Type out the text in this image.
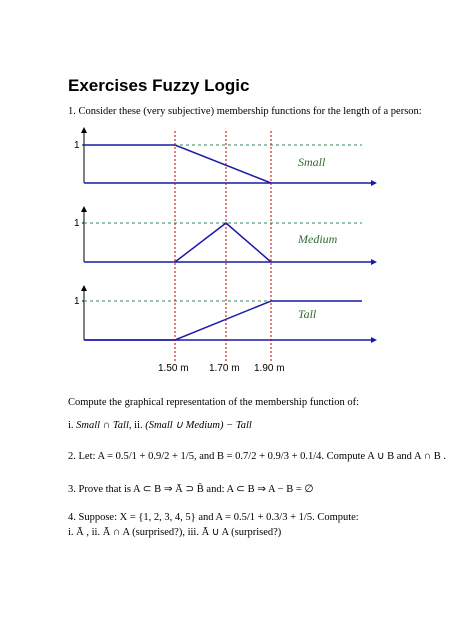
Exercises Fuzzy Logic
1. Consider these (very subjective) membership functions for the length of a person:
1
Small
1
Medium
1
Tall
1.50 m 1.70 m 1.90 m
Compute the graphical representation of the membership function of:
i. Small ∩ Tall, ii. (Small ∪ Medium) − Tall
2. Let: A = 0.5/1 + 0.9/2 + 1/5, and B = 0.7/2 + 0.9/3 + 0.1/4. Compute A ∪ B and A ∩ B .
3. Prove that is A ⊂ B ⇒ Ā ⊃ B̄ and: A ⊂ B ⇒ A − B = ∅
4. Suppose: X = {1, 2, 3, 4, 5} and A = 0.5/1 + 0.3/3 + 1/5. Compute:
i. Ā , ii. Ā ∩ A (surprised?), iii. Ā ∪ A (surprised?)
